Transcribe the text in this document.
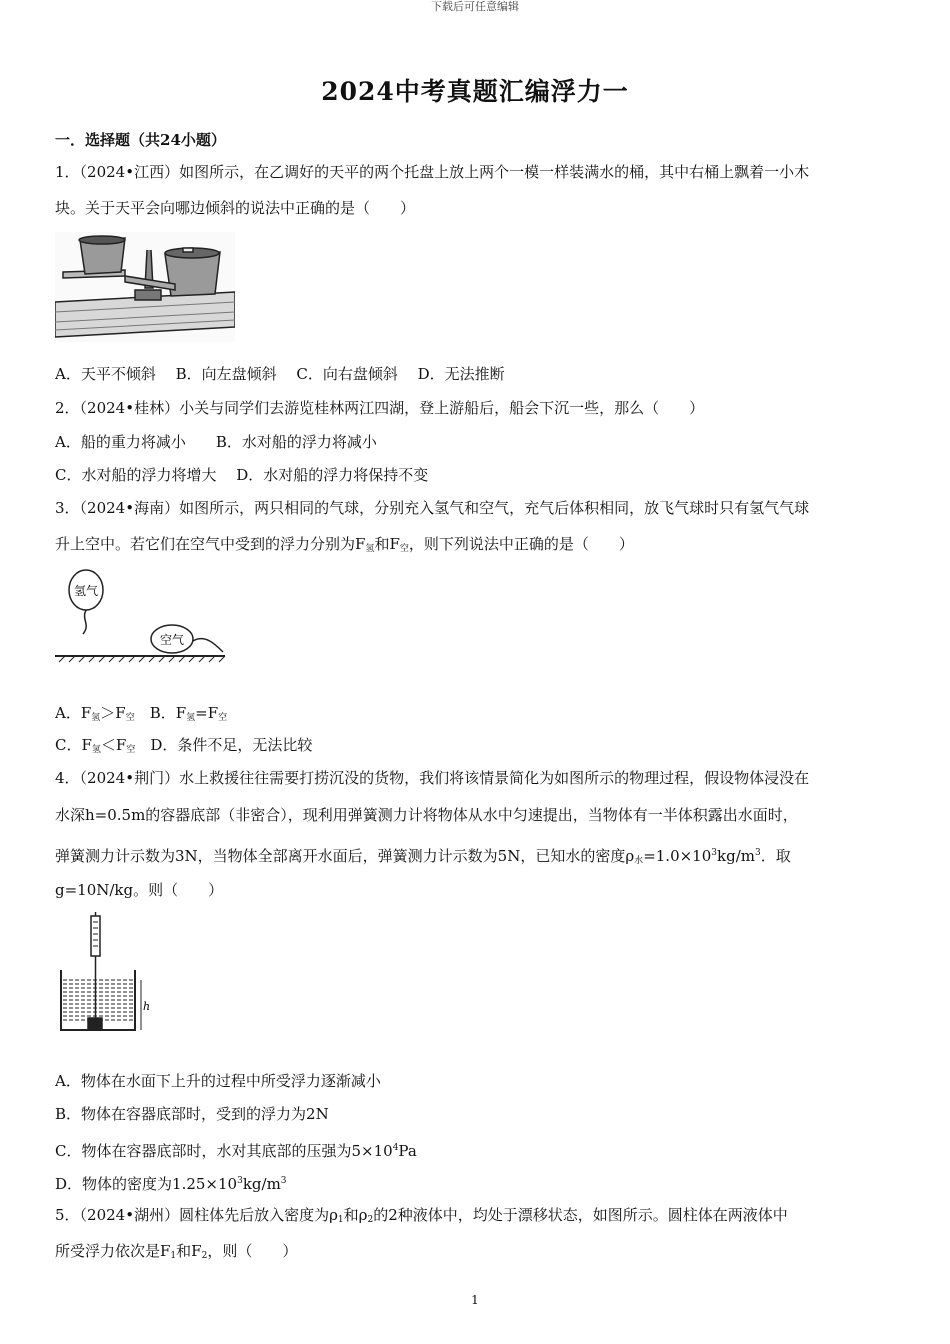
下载后可任意编辑
2024中考真题汇编浮力一
一．选择题（共24小题）
1．（2024•江西）如图所示，在乙调好的天平的两个托盘上放上两个一模一样装满水的桶，其中右桶上飘着一小木
块。关于天平会向哪边倾斜的说法中正确的是（　　）
A．天平不倾斜　 B．向左盘倾斜　 C．向右盘倾斜　 D．无法推断
2．（2024•桂林）小关与同学们去游览桂林两江四湖，登上游船后，船会下沉一些，那么（　　）
A．船的重力将减小　　B．水对船的浮力将减小
C．水对船的浮力将增大　 D．水对船的浮力将保持不变
3．（2024•海南）如图所示，两只相同的气球，分别充入氢气和空气，充气后体积相同，放飞气球时只有氢气气球
升上空中。若它们在空气中受到的浮力分别为$F_氢$和$F_空$，则下列说法中正确的是（　　）
氢气
空气
A．$F_氢>F_空$　B．$F_氢=F_空$
C．$F_氢<F_空$　D．条件不足，无法比较
4．（2024•荆门）水上救援往往需要打捞沉没的货物，我们将该情景简化为如图所示的物理过程，假设物体浸没在
水深h=0.5m的容器底部（非密合），现利用弹簧测力计将物体从水中匀速提出，当物体有一半体积露出水面时，
弹簧测力计示数为3N，当物体全部离开水面后，弹簧测力计示数为5N，已知水的密度$\rho_水=1.0\times 10^3kg/m^3$．取
g=10N/kg。则（　　）
h
A．物体在水面下上升的过程中所受浮力逐渐减小
B．物体在容器底部时，受到的浮力为2N
C．物体在容器底部时，水对其底部的压强为$5\times 10^4Pa$
D．物体的密度为$1.25\times 10^3kg/m^3$
5．（2024•湖州）圆柱体先后放入密度为$\rho_1$和$\rho_2$的2种液体中，均处于漂移状态，如图所示。圆柱体在两液体中
所受浮力依次是$F_1$和$F_2$，则（　　）
1
